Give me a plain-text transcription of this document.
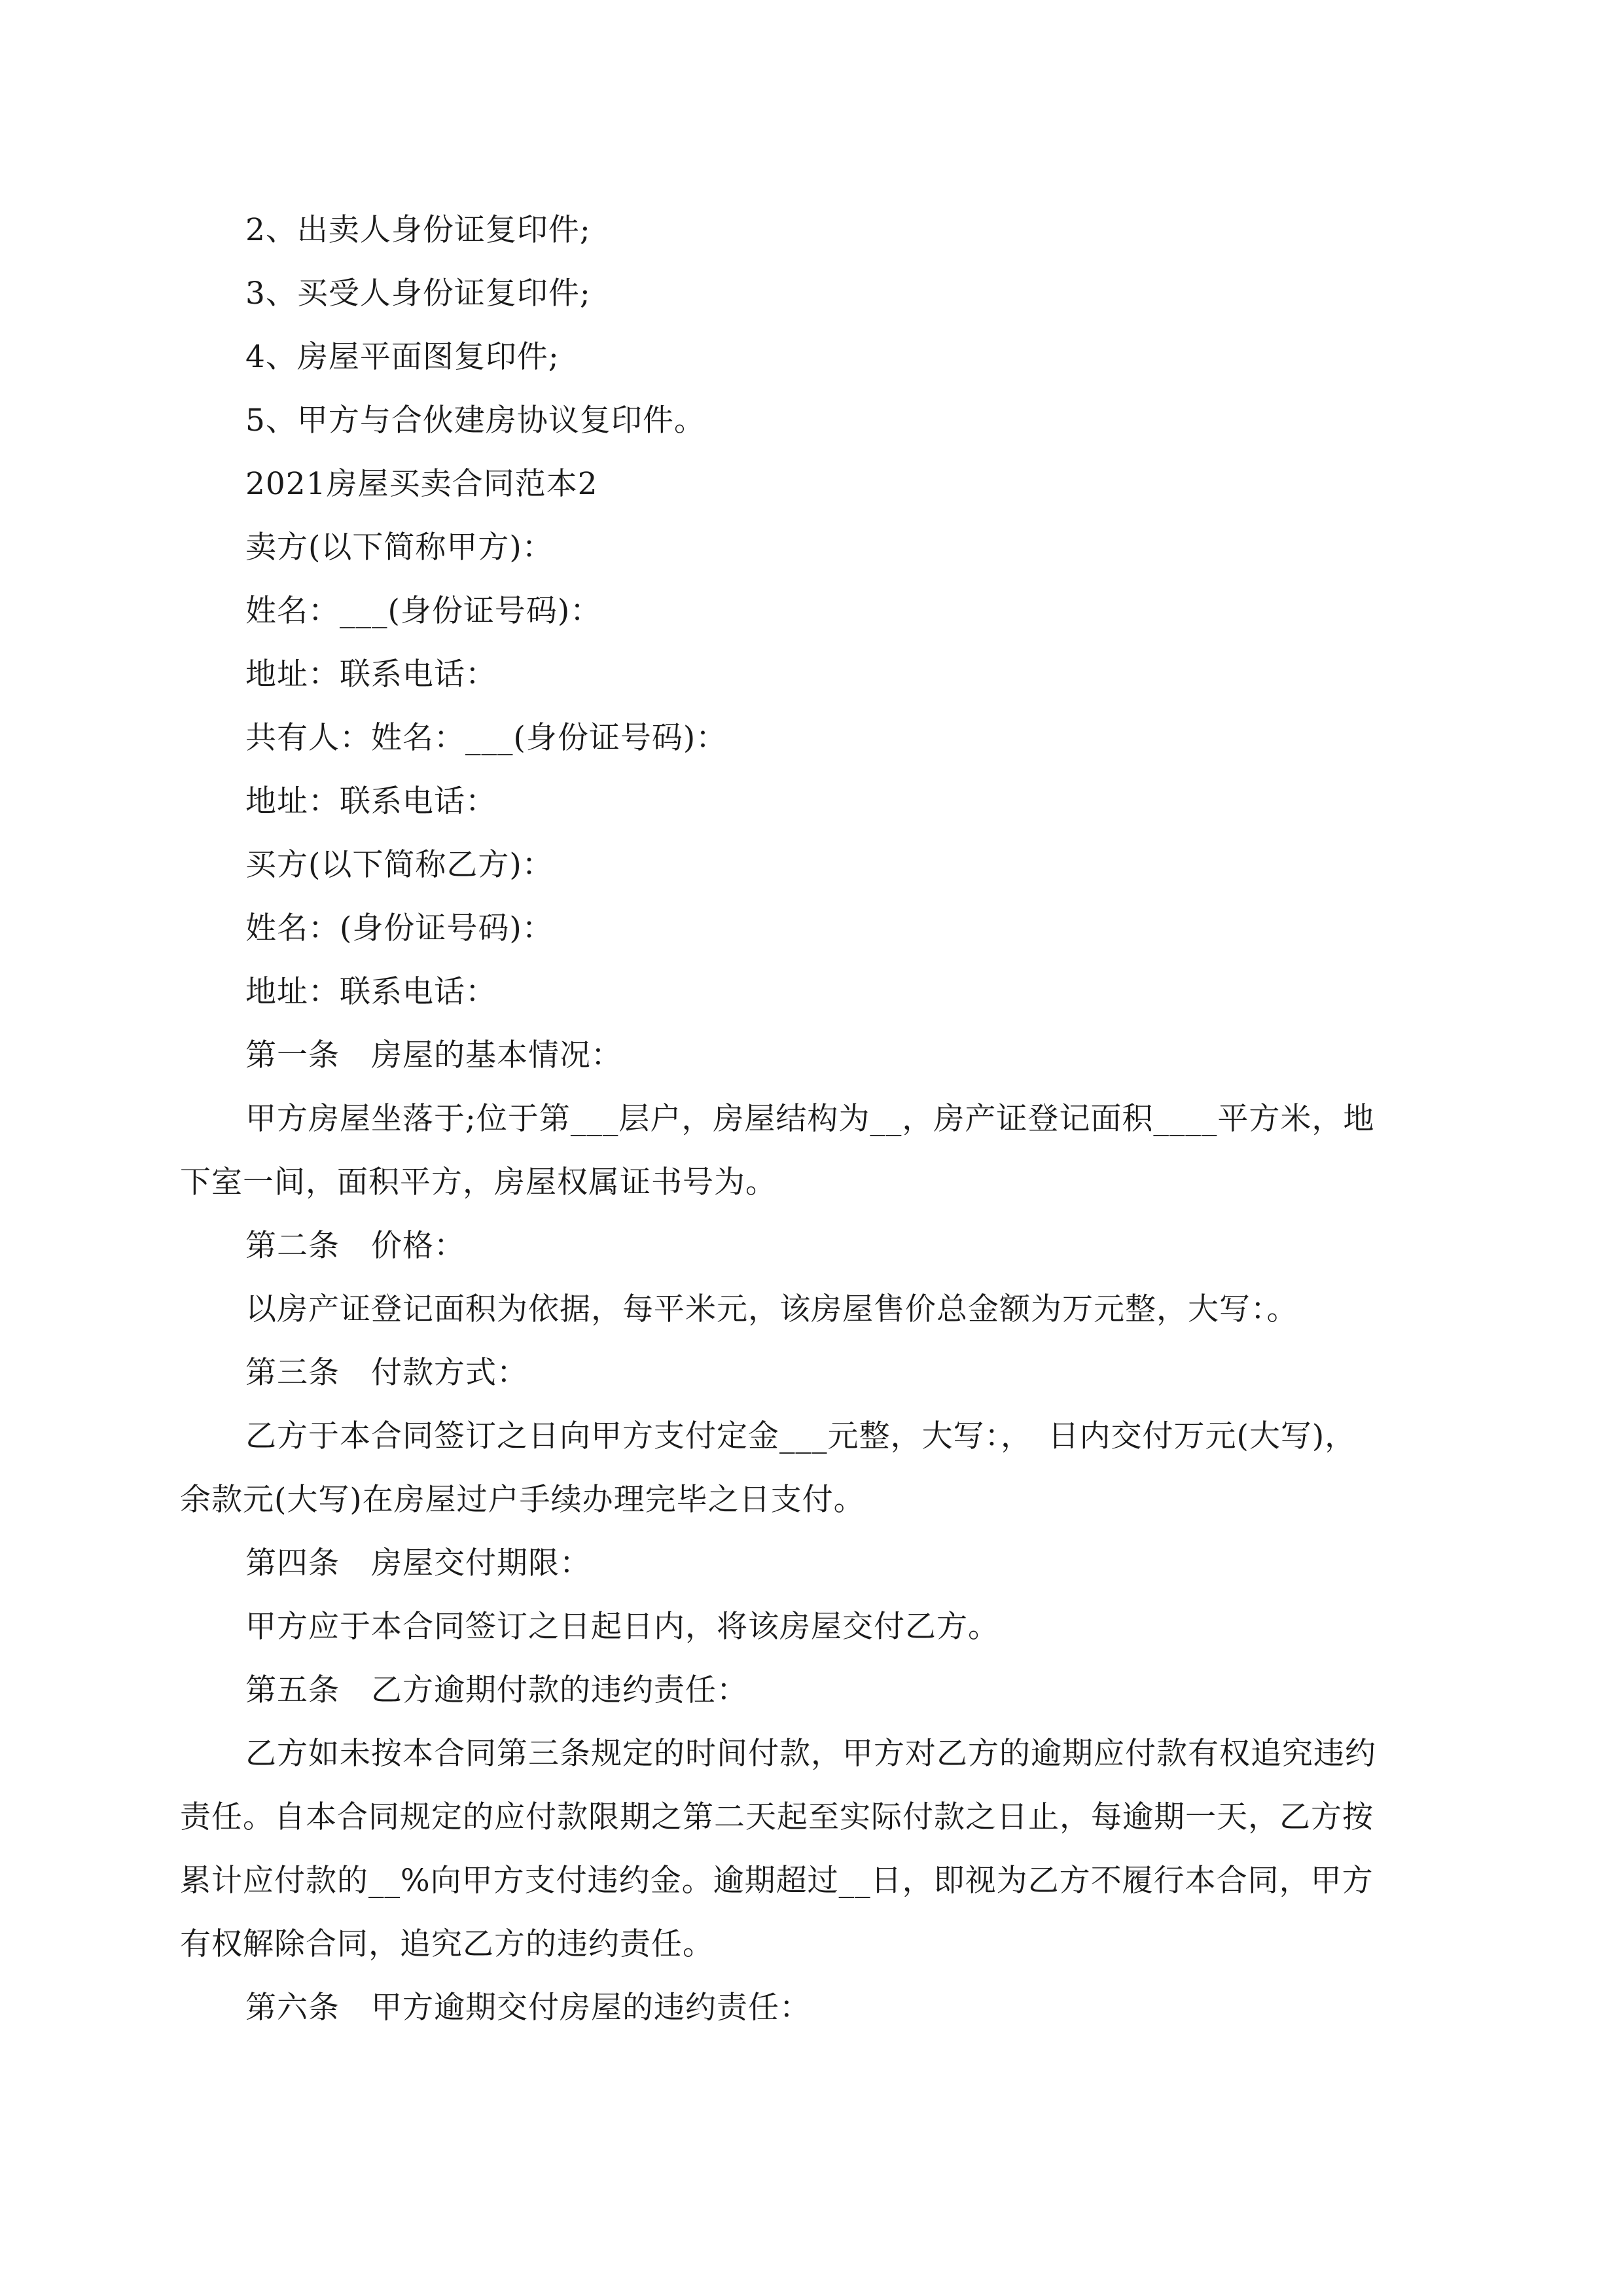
2、出卖人身份证复印件;

3、买受人身份证复印件;

4、房屋平面图复印件;

5、甲方与合伙建房协议复印件。

2021房屋买卖合同范本2

卖方(以下简称甲方)：

姓名：___(身份证号码)：

地址：联系电话：

共有人：姓名：___(身份证号码)：

地址：联系电话：

买方(以下简称乙方)：

姓名：(身份证号码)：

地址：联系电话：

第一条　房屋的基本情况：

甲方房屋坐落于;位于第___层户，房屋结构为__，房产证登记面积____平方米，地下室一间，面积平方，房屋权属证书号为。

第二条　价格：

以房产证登记面积为依据，每平米元，该房屋售价总金额为万元整，大写：。

第三条　付款方式：

乙方于本合同签订之日向甲方支付定金___元整，大写：，　日内交付万元(大写)，余款元(大写)在房屋过户手续办理完毕之日支付。

第四条　房屋交付期限：

甲方应于本合同签订之日起日内，将该房屋交付乙方。

第五条　乙方逾期付款的违约责任：

乙方如未按本合同第三条规定的时间付款，甲方对乙方的逾期应付款有权追究违约责任。自本合同规定的应付款限期之第二天起至实际付款之日止，每逾期一天，乙方按累计应付款的__%向甲方支付违约金。逾期超过__日，即视为乙方不履行本合同，甲方有权解除合同，追究乙方的违约责任。

第六条　甲方逾期交付房屋的违约责任：
